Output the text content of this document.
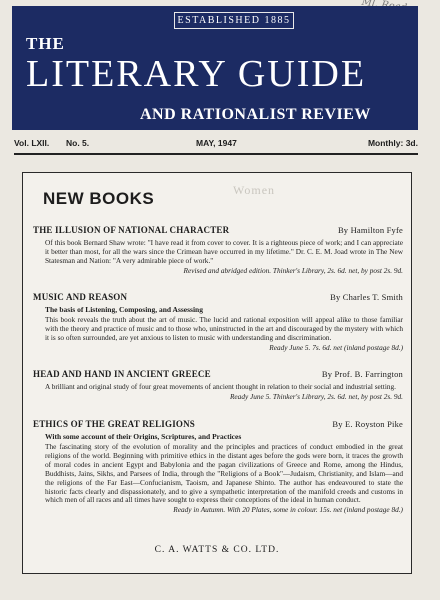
ESTABLISHED 1885
THE
LITERARY GUIDE
AND RATIONALIST REVIEW
Vol. LXII. No. 5.	MAY, 1947	Monthly: 3d.
Women
NEW BOOKS
THE ILLUSION OF NATIONAL CHARACTER	By Hamilton Fyfe
Of this book Bernard Shaw wrote: "I have read it from cover to cover. It is a righteous piece of work; and I can appreciate it better than most, for all the wars since the Crimean have occurred in my lifetime." Dr. C. E. M. Joad wrote in The New Statesman and Nation: "A very admirable piece of work."
Revised and abridged edition. Thinker's Library, 2s. 6d. net, by post 2s. 9d.
MUSIC AND REASON	By Charles T. Smith
The basis of Listening, Composing, and Assessing
This book reveals the truth about the art of music. The lucid and rational exposition will appeal alike to those familiar with the theory and practice of music and to those who, uninstructed in the art and discouraged by the mystery with which it is so often surrounded, are yet anxious to listen to music with understanding and discrimination.
Ready June 5. 7s. 6d. net (inland postage 8d.)
HEAD AND HAND IN ANCIENT GREECE	By Prof. B. Farrington
A brilliant and original study of four great movements of ancient thought in relation to their social and industrial setting.
Ready June 5. Thinker's Library, 2s. 6d. net, by post 2s. 9d.
ETHICS OF THE GREAT RELIGIONS	By E. Royston Pike
With some account of their Origins, Scriptures, and Practices
The fascinating story of the evolution of morality and the principles and practices of conduct embodied in the great religions of the world. Beginning with primitive ethics in the distant ages before the gods were born, it traces the growth of moral codes in ancient Egypt and Babylonia and the pagan civilizations of Greece and Rome, among the Hindus, Buddhists, Jains, Sikhs, and Parsees of India, through the "Religions of a Book"—Judaism, Christianity, and Islam—and the religions of the Far East—Confucianism, Taoism, and Japanese Shinto. The author has endeavoured to state the historic facts clearly and dispassionately, and to give a sympathetic interpretation of the manifold creeds and customs in which men of all races and all times have sought to express their conceptions of the ideal in human conduct.
Ready in Autumn. With 20 Plates, some in colour. 15s. net (inland postage 8d.)
C. A. WATTS & CO. LTD.
